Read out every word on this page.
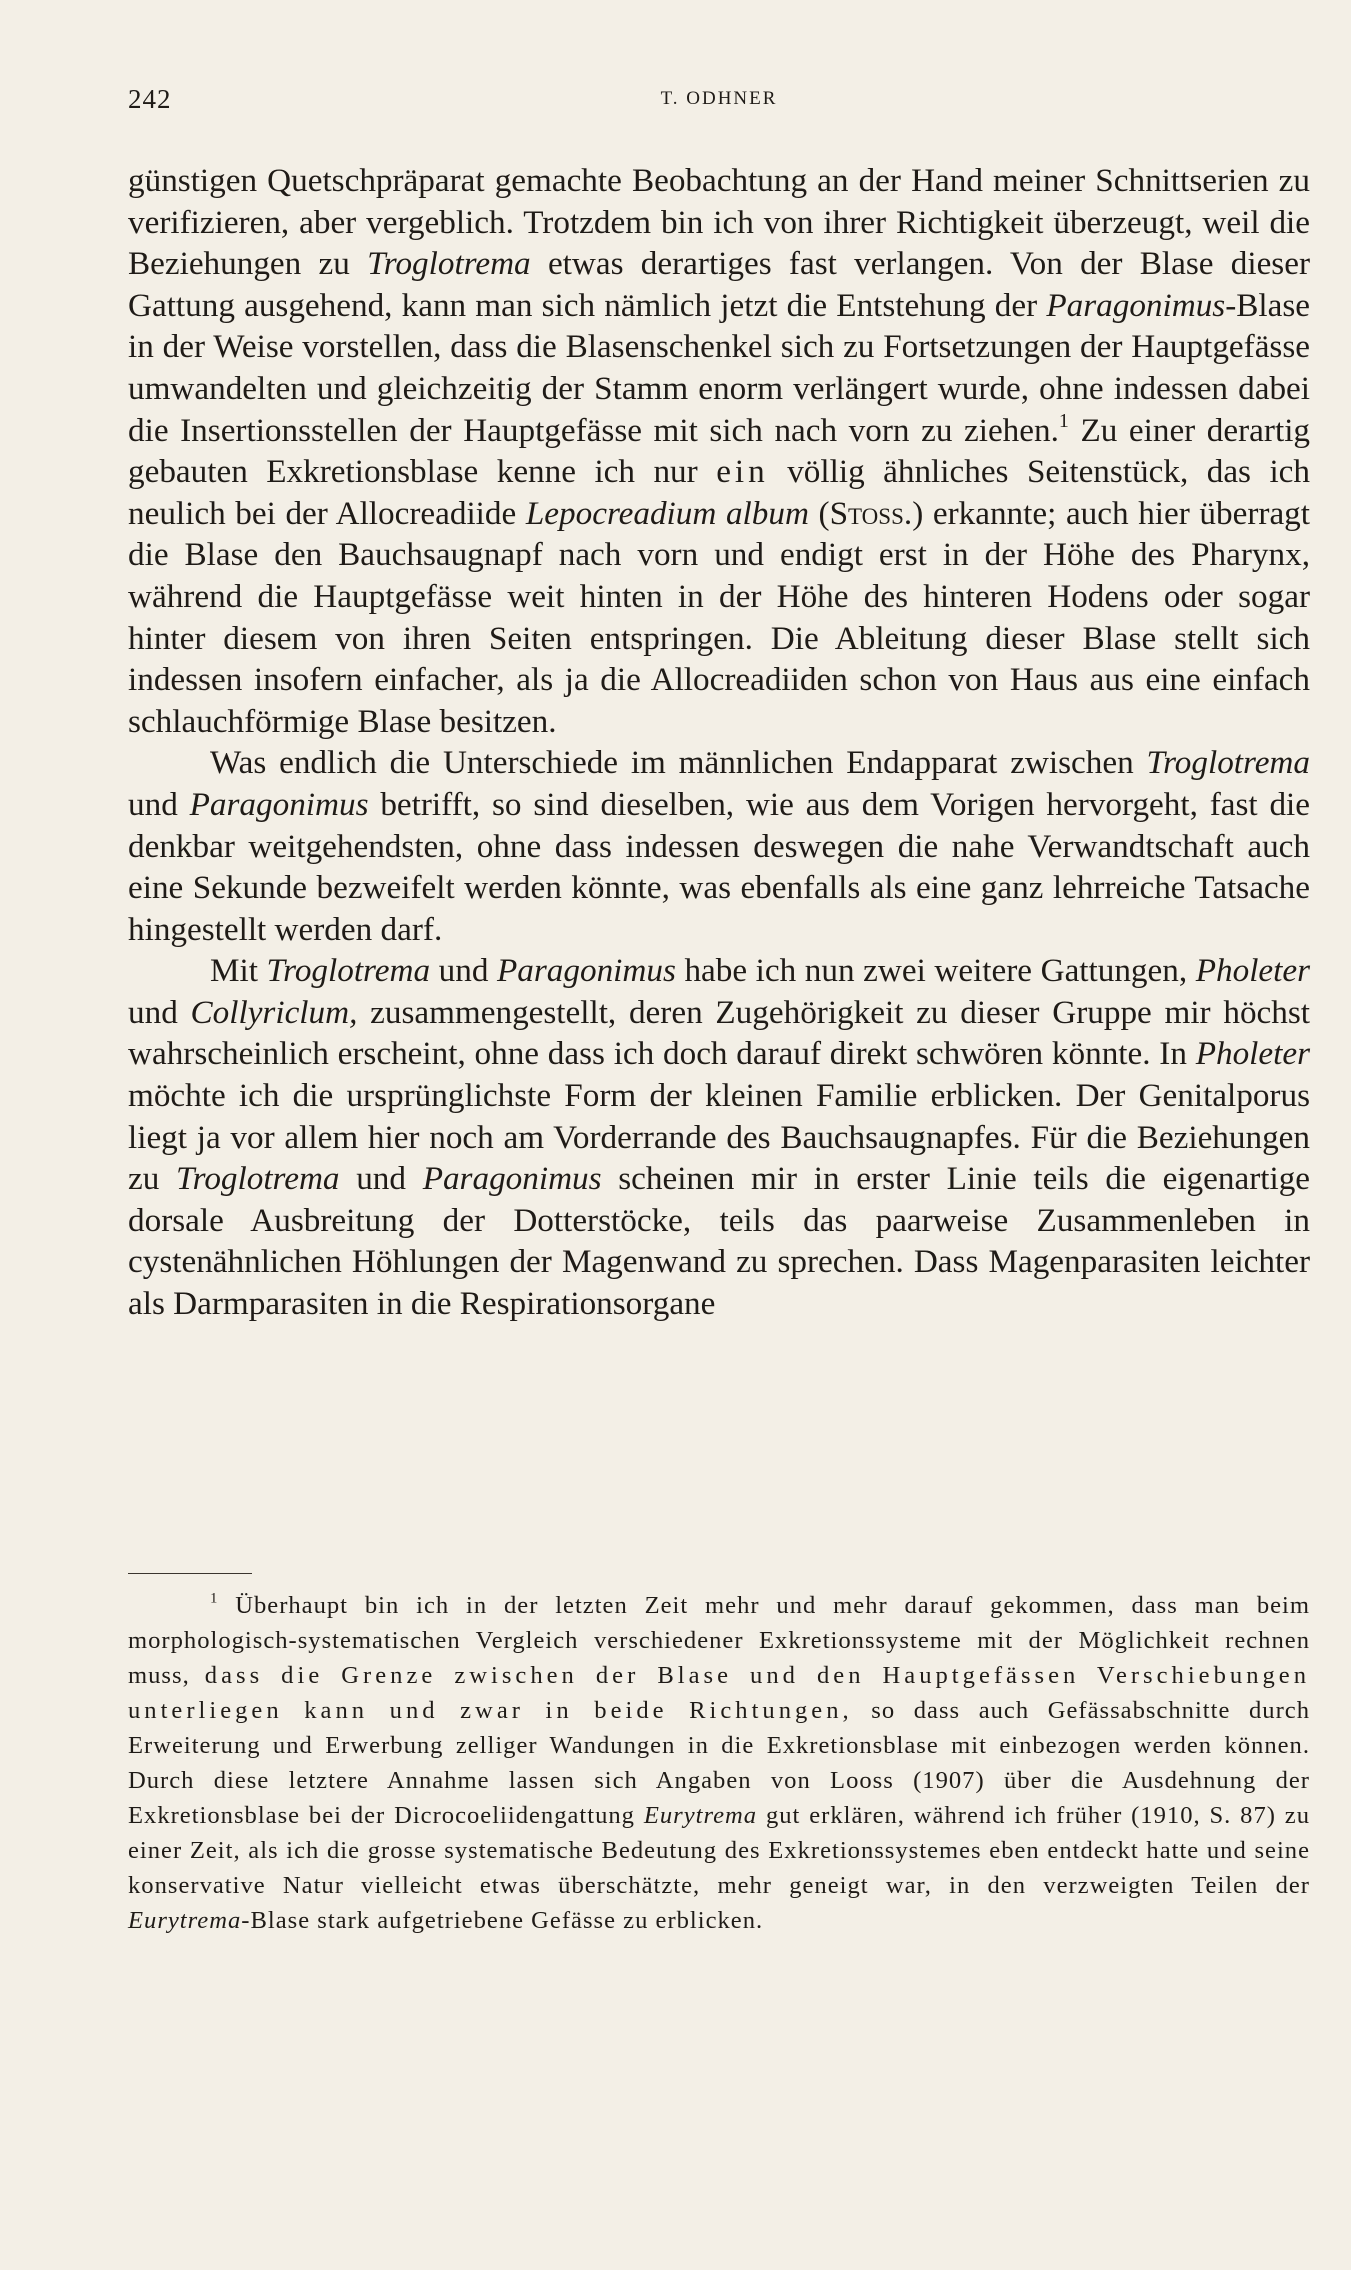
242	T. ODHNER

günstigen Quetschpräparat gemachte Beobachtung an der Hand meiner Schnittserien zu verifizieren, aber vergeblich. Trotzdem bin ich von ihrer Richtigkeit überzeugt, weil die Beziehungen zu Troglotrema etwas derartiges fast verlangen. Von der Blase dieser Gattung ausgehend, kann man sich nämlich jetzt die Entstehung der Paragonimus-Blase in der Weise vorstellen, dass die Blasenschenkel sich zu Fortsetzungen der Hauptgefässe umwandelten und gleichzeitig der Stamm enorm verlängert wurde, ohne indessen dabei die Insertionsstellen der Hauptgefässe mit sich nach vorn zu ziehen.$^1$ Zu einer derartig gebauten Exkretionsblase kenne ich nur ein völlig ähnliches Seitenstück, das ich neulich bei der Allocreadiide Lepocreadium album (Stoss.) erkannte; auch hier überragt die Blase den Bauchsaugnapf nach vorn und endigt erst in der Höhe des Pharynx, während die Hauptgefässe weit hinten in der Höhe des hinteren Hodens oder sogar hinter diesem von ihren Seiten entspringen. Die Ableitung dieser Blase stellt sich indessen insofern einfacher, als ja die Allocreadiiden schon von Haus aus eine einfach schlauchförmige Blase besitzen.

Was endlich die Unterschiede im männlichen Endapparat zwischen Troglotrema und Paragonimus betrifft, so sind dieselben, wie aus dem Vorigen hervorgeht, fast die denkbar weitgehendsten, ohne dass indessen deswegen die nahe Verwandtschaft auch eine Sekunde bezweifelt werden könnte, was ebenfalls als eine ganz lehrreiche Tatsache hingestellt werden darf.

Mit Troglotrema und Paragonimus habe ich nun zwei weitere Gattungen, Pholeter und Collyriclum, zusammengestellt, deren Zugehörigkeit zu dieser Gruppe mir höchst wahrscheinlich erscheint, ohne dass ich doch darauf direkt schwören könnte. In Pholeter möchte ich die ursprünglichste Form der kleinen Familie erblicken. Der Genitalporus liegt ja vor allem hier noch am Vorderrande des Bauchsaugnapfes. Für die Beziehungen zu Troglotrema und Paragonimus scheinen mir in erster Linie teils die eigenartige dorsale Ausbreitung der Dotterstöcke, teils das paarweise Zusammenleben in cystenähnlichen Höhlungen der Magenwand zu sprechen. Dass Magenparasiten leichter als Darmparasiten in die Respirationsorgane

$^1$ Überhaupt bin ich in der letzten Zeit mehr und mehr darauf gekommen, dass man beim morphologisch-systematischen Vergleich verschiedener Exkretionssysteme mit der Möglichkeit rechnen muss, dass die Grenze zwischen der Blase und den Hauptgefässen Verschiebungen unterliegen kann und zwar in beide Richtungen, so dass auch Gefässabschnitte durch Erweiterung und Erwerbung zelliger Wandungen in die Exkretionsblase mit einbezogen werden können. Durch diese letztere Annahme lassen sich Angaben von Looss (1907) über die Ausdehnung der Exkretionsblase bei der Dicrocoeliidengattung Eurytrema gut erklären, während ich früher (1910, S. 87) zu einer Zeit, als ich die grosse systematische Bedeutung des Exkretionssystemes eben entdeckt hatte und seine konservative Natur vielleicht etwas überschätzte, mehr geneigt war, in den verzweigten Teilen der Eurytrema-Blase stark aufgetriebene Gefässe zu erblicken.
